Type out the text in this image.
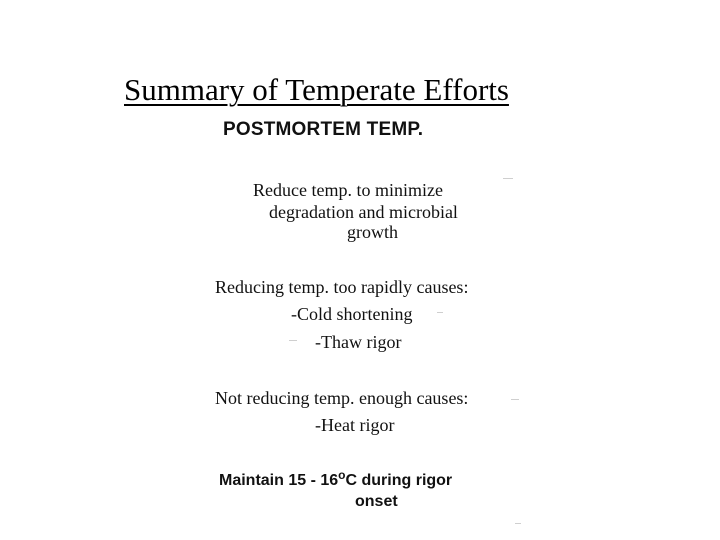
Summary of Temperate Efforts
POSTMORTEM TEMP.
Reduce temp. to minimize
degradation and microbial
growth
Reducing temp. too rapidly causes:
-Cold shortening
-Thaw rigor
Not reducing temp. enough causes:
-Heat rigor
Maintain 15 - 16$^o$C during rigor
onset
